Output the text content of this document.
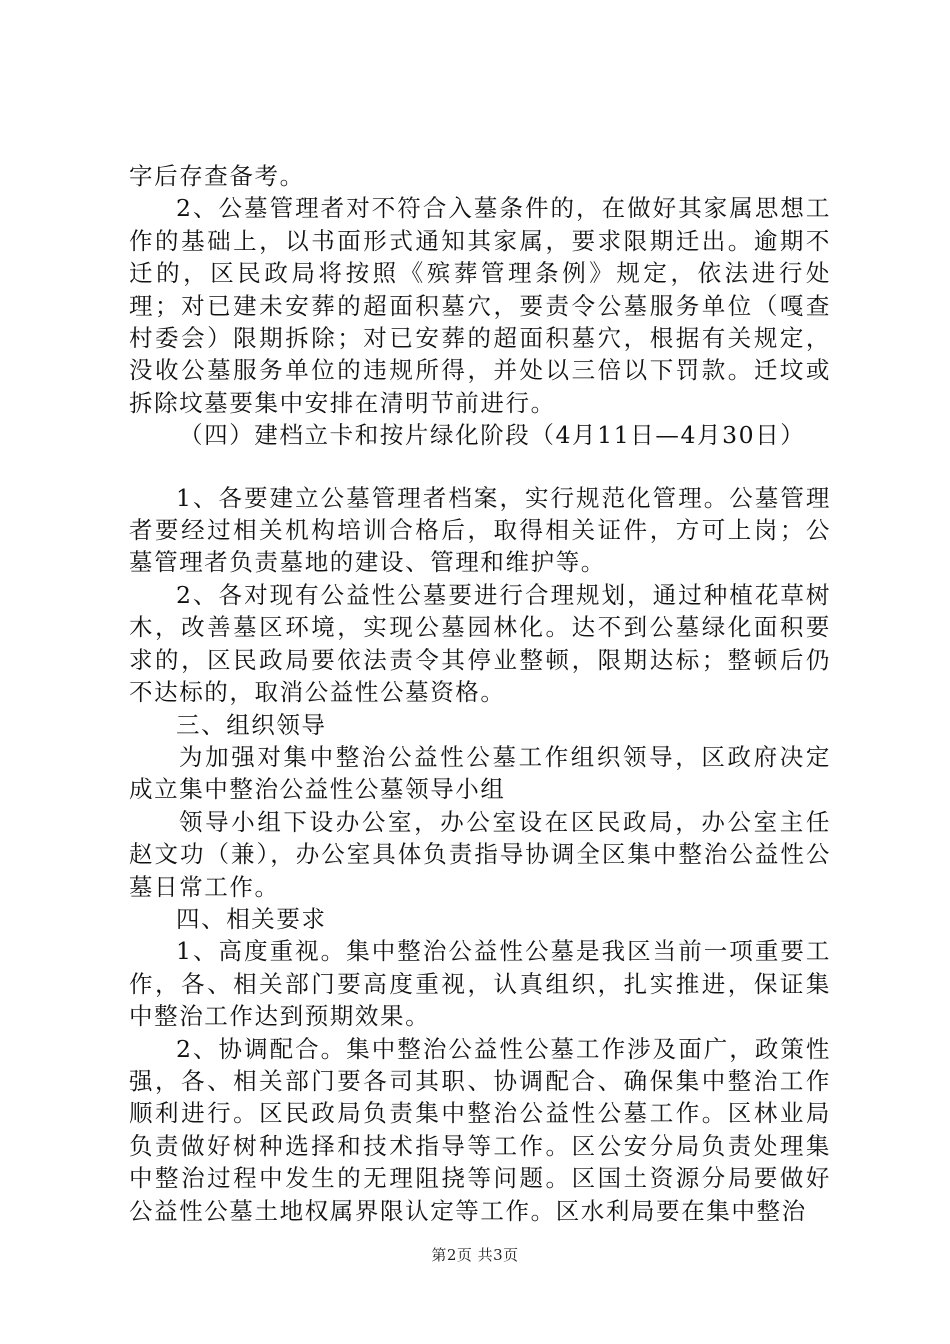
字后存查备考。

2、公墓管理者对不符合入墓条件的，在做好其家属思想工作的基础上，以书面形式通知其家属，要求限期迁出。逾期不迁的，区民政局将按照《殡葬管理条例》规定，依法进行处理；对已建未安葬的超面积墓穴，要责令公墓服务单位（嘎查村委会）限期拆除；对已安葬的超面积墓穴，根据有关规定，没收公墓服务单位的违规所得，并处以三倍以下罚款。迁坟或拆除坟墓要集中安排在清明节前进行。

（四）建档立卡和按片绿化阶段（4月11日—4月30日）

1、各要建立公墓管理者档案，实行规范化管理。公墓管理者要经过相关机构培训合格后，取得相关证件，方可上岗；公墓管理者负责墓地的建设、管理和维护等。

2、各对现有公益性公墓要进行合理规划，通过种植花草树木，改善墓区环境，实现公墓园林化。达不到公墓绿化面积要求的，区民政局要依法责令其停业整顿，限期达标；整顿后仍不达标的，取消公益性公墓资格。

三、组织领导

为加强对集中整治公益性公墓工作组织领导，区政府决定成立集中整治公益性公墓领导小组

领导小组下设办公室，办公室设在区民政局，办公室主任赵文功（兼），办公室具体负责指导协调全区集中整治公益性公墓日常工作。

四、相关要求

1、高度重视。集中整治公益性公墓是我区当前一项重要工作，各、相关部门要高度重视，认真组织，扎实推进，保证集中整治工作达到预期效果。

2、协调配合。集中整治公益性公墓工作涉及面广，政策性强，各、相关部门要各司其职、协调配合、确保集中整治工作顺利进行。区民政局负责集中整治公益性公墓工作。区林业局负责做好树种选择和技术指导等工作。区公安分局负责处理集中整治过程中发生的无理阻挠等问题。区国土资源分局要做好公益性公墓土地权属界限认定等工作。区水利局要在集中整治

第2页 共3页
